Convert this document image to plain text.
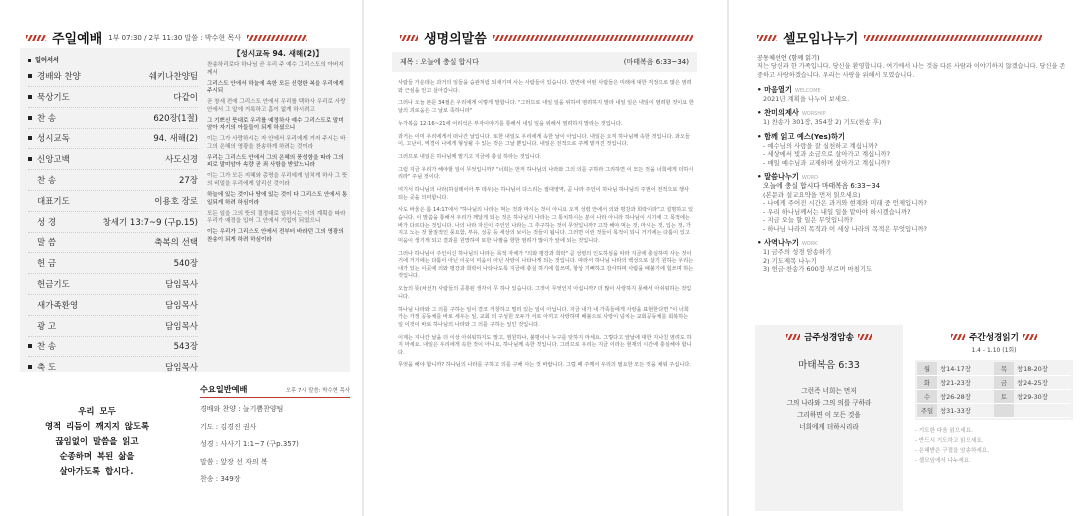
주일예배 1부 07:30 / 2부 11:30 말씀 : 박수현 목사
일어서서
경배와 찬양	쉐키나찬양팀
묵상기도	다같이
찬 송	620장(1절)
성시교독	94. 새해(2)
신앙고백	사도신경
찬 송	27장
대표기도	이용호 장로
성 경	창세기 13:7~9 (구p.15)
말 씀	축복의 선택
헌 금	540장
헌금기도	담임목사
새가족환영	담임목사
광 고	담임목사
찬 송	543장
축 도	담임목사
【성시교독 94. 새해(2)】
찬송하리로다 하나님 곧 우리 주 예수 그리스도의 아버지께서
그리스도 안에서 하늘에 속한 모든 신령한 복을 우리에게 주시되
곧 창세 전에 그리스도 안에서 우리를 택하사 우리로 사랑 안에서 그 앞에 거룩하고 흠이 없게 하시려고
그 기쁘신 뜻대로 우리를 예정하사 예수 그리스도로 말미암아 자기의 아들들이 되게 하셨으니
이는 그가 사랑하시는 자 안에서 우리에게 거저 주시는 바 그의 은혜의 영광을 찬송하게 하려는 것이라
우리는 그리스도 안에서 그의 은혜의 풍성함을 따라 그의 피로 말미암아 속량 곧 죄 사함을 받았느니라
이는 그가 모든 지혜와 총명을 우리에게 넘치게 하사 그 뜻의 비밀을 우리에게 알리신 것이라
하늘에 있는 것이나 땅에 있는 것이 다 그리스도 안에서 통일되게 하려 하심이라
모든 일을 그의 뜻의 결정대로 일하시는 이의 계획을 따라 우리가 예정을 입어 그 안에서 기업이 되었으니
이는 우리가 그리스도 안에서 전부터 바라던 그의 영광의 찬송이 되게 하려 하심이라
우리 모두
영적 리듬이 깨지지 않도록
끊임없이 말씀을 읽고
순종하며 복된 삶을
살아가도록 합시다.
수요일반예배	오후 7시 말씀: 박수현 목사
경배와 찬양 : 늘기쁨찬양팀
기도 : 김경진 권사
성경 : 사사기 1:1~7 (구p.357)
말씀 : 앞장 선 자의 복
찬송 : 349장
생명의말씀
제목 : 오늘에 충실 합시다	(마태복음 6:33~34)
사람들 가운데는 과거의 일들을 습관처럼 되새기며 사는 사람들이 있습니다. 반면에 어떤 사람들은 미래에 대한 걱정으로 많은 염려와 근심을 안고 살아갑니다.
그러나 오늘 본문 34절은 우리에게 이렇게 말합니다. "그러므로 내일 일을 위하여 염려하지 말라 내일 일은 내일이 염려할 것이요 한 날의 괴로움은 그 날로 족하니라"
누가복음 12:16~21에 어리석은 부자이야기를 통해서 내일 일을 위해서 염려하지 말라는 것입니다.
과거는 이미 우리에게서 떠나간 날입니다. 또한 내일도 우리에게 속한 날이 아닙니다. 내일은 오직 하나님께 속한 것입니다. 과오들이, 고난이, 역경이 나에게 형성될 수 있는 것은 그날 뿐입니다. 내일은 전적으로 주께 맡겨진 것입니다.
그러므로 내일은 하나님께 맡기고 지금에 충실 하라는 것입니다.
그럼 지금 우리가 해야할 일이 무엇입니까? "너희는 먼저 하나님의 나라와 그의 의를 구하라 그리하면 이 모든 것을 너희에게 더하시리라" 주님 것이다.
여기서 하나님의 나라(하실레이아 투 데우)는 하나님이 다스리는 절대영역, 곧 나라 주인이 하나님 하나님의 주권이 전적으로 행사되는 곳을 의미합니다.
사도 바울은 롬 14:17에서 "하나님의 나라는 먹는 것과 마시는 것이 아니요 오직 성령 안에서 의와 평강과 희락이라"고 설명하고 있습니다. 이 말씀을 통해서 우리가 깨달게 되는 것은 하나님의 나라는 그 통치하시는 분이 나라 아니라 하나님이 시기에 그 목적에는 바가 다르다는 것입니다. 나의 나라 자신이 주인인 나라는 그 추구하는 것이 무엇입니까? 고작 해야 먹는 것, 마시는 것, 입는 것, 가지고 노는 것 물질적인 풍요함, 부유, 성공 등 세상의 보이는 것들이 됩니다. 그러면 이런 것들이 목적이 되니 거기에는 다툼이 있고 미움이 생기게 되고 결과를 원망하여 또한 나팔을 향한 염려가 많이가 앞에 되는 것입니다.
그러나 하나님이 주인이신 하나님의 나라는 목적 자체가 "의와 평강과 희락" 곧 성령의 인도하심을 따라 지금에 충실하며 사는 것이기에 거기에는 다툼이 아닌 이웃이 미움이 아닌 사랑이 나타나게 되는 것입니다. 따라서 하나님 나라의 백성으로 살기 원하는 우리는 내가 있는 이곳에 의와 평강과 희락이 나타나도록 지금에 충실 하기에 힘쓰며, 항상 기뻐하고 감사하며 사람을 배불기에 힘쓰며 하는 것입니다.
오늘의 뜻(차선?) 사람들의 공통된 생각이 무 하나 있습니다. 그것이 무엇인지 아십니까? 더 많이 사랑하지 못해서 아쉬워하는 것입니다.
하나님 나라와 그 의를 구하는 일이 결코 거창하고 멀리 있는 일이 아닙니다. 지금 내가 내 가족들에게 사랑을 표현한다면 "이 너희 가는 가정 공동체를 바로 세우는 일, 교회 의 구성원 모두가 서로 아끼고 사랑하며 배불으로 사랑이 넘치는 교회공동체를 회복하는 일 이것이 바로 하나님의 나라와 그 의를 구하는 일인 것입니다.
이제는 지나간 날을 더 이상 아쉬워하지도 말고, 염원하나, 불평이나 누구를 탓하지 마세요. 그렇다고 앞날에 대한 지나친 염려도 하지 마세요. 내일은 우리에게 속한 것이 아니요, 하나님께 속한 것입니다. 그러므로 우리는 지금 이라는 현재의 시간에 충실해야 합니다.
무엇을 해야 합니까? 하나님의 나라를 구하고 의를 구해 사는 것 바랍니다. 그럴 때 주께서 우리의 필요한 모든 것을 채워 주십니다.
셀모임나누기
공동체선언 (함께 읽기)
저는 당신과 한 가족입니다. 당신을 환영합니다. 여기에서 나는 것을 다른 사람과 이야기하지 않겠습니다. 당신을 존중하고 사랑하겠습니다. 우리는 사랑을 위해서 모였습니다.
• 마음열기 WELCOME
2021년 계획을 나누어 보세요.
• 찬미의제사 WORSHIP
1) 찬송가 301장, 354장 2) 기도(찬송 후)
• 함께 읽고 예스(Yes)하기
- 예수님의 사랑을 잘 실천하고 계십니까?
- 세상에서 빛과 소금으로 살아가고 계십니까?
- 매일 예수님과 교제하며 살아가고 계십니까?
• 말씀나누기 WORD
오늘에 충실 합시다 마태복음 6:33~34
(본문과 설교요약을 먼저 읽으세요)
- 나에게 주어진 시간은 과거와 현재와 미래 중 언제입니까?
- 우리 하나님께서는 내일 일을 맡아야 하시겠습니까?
- 지금 오늘 할 일은 무엇입니까?
- 하나님 나라의 목적과 이 세상 나라의 목적은 무엇입니까?
• 사역나누기 WORK
1) 금주의 성경 암송하기
2) 기도제목 나누기
3) 헌금·찬송가 600장 부르며 마침기도
금주성경암송
마태복음 6:33
그런즉 너희는 먼저
그의 나라와 그의 의를 구하라
그리하면 이 모든 것을
너희에게 더하시리라
주간성경읽기
1.4 - 1.10 (1회)
월	창14-17장	목	창18-20장
화	창21-23장	금	창24-25장
수	창26-28장	토	창29-30장
주일	창31-33장		
- 기도한 다음 읽으세요.
- 반드시 기도하고 읽으세요.
- 은혜받은 구절을 암송하세요.
- 셀모임에서 나누세요.
